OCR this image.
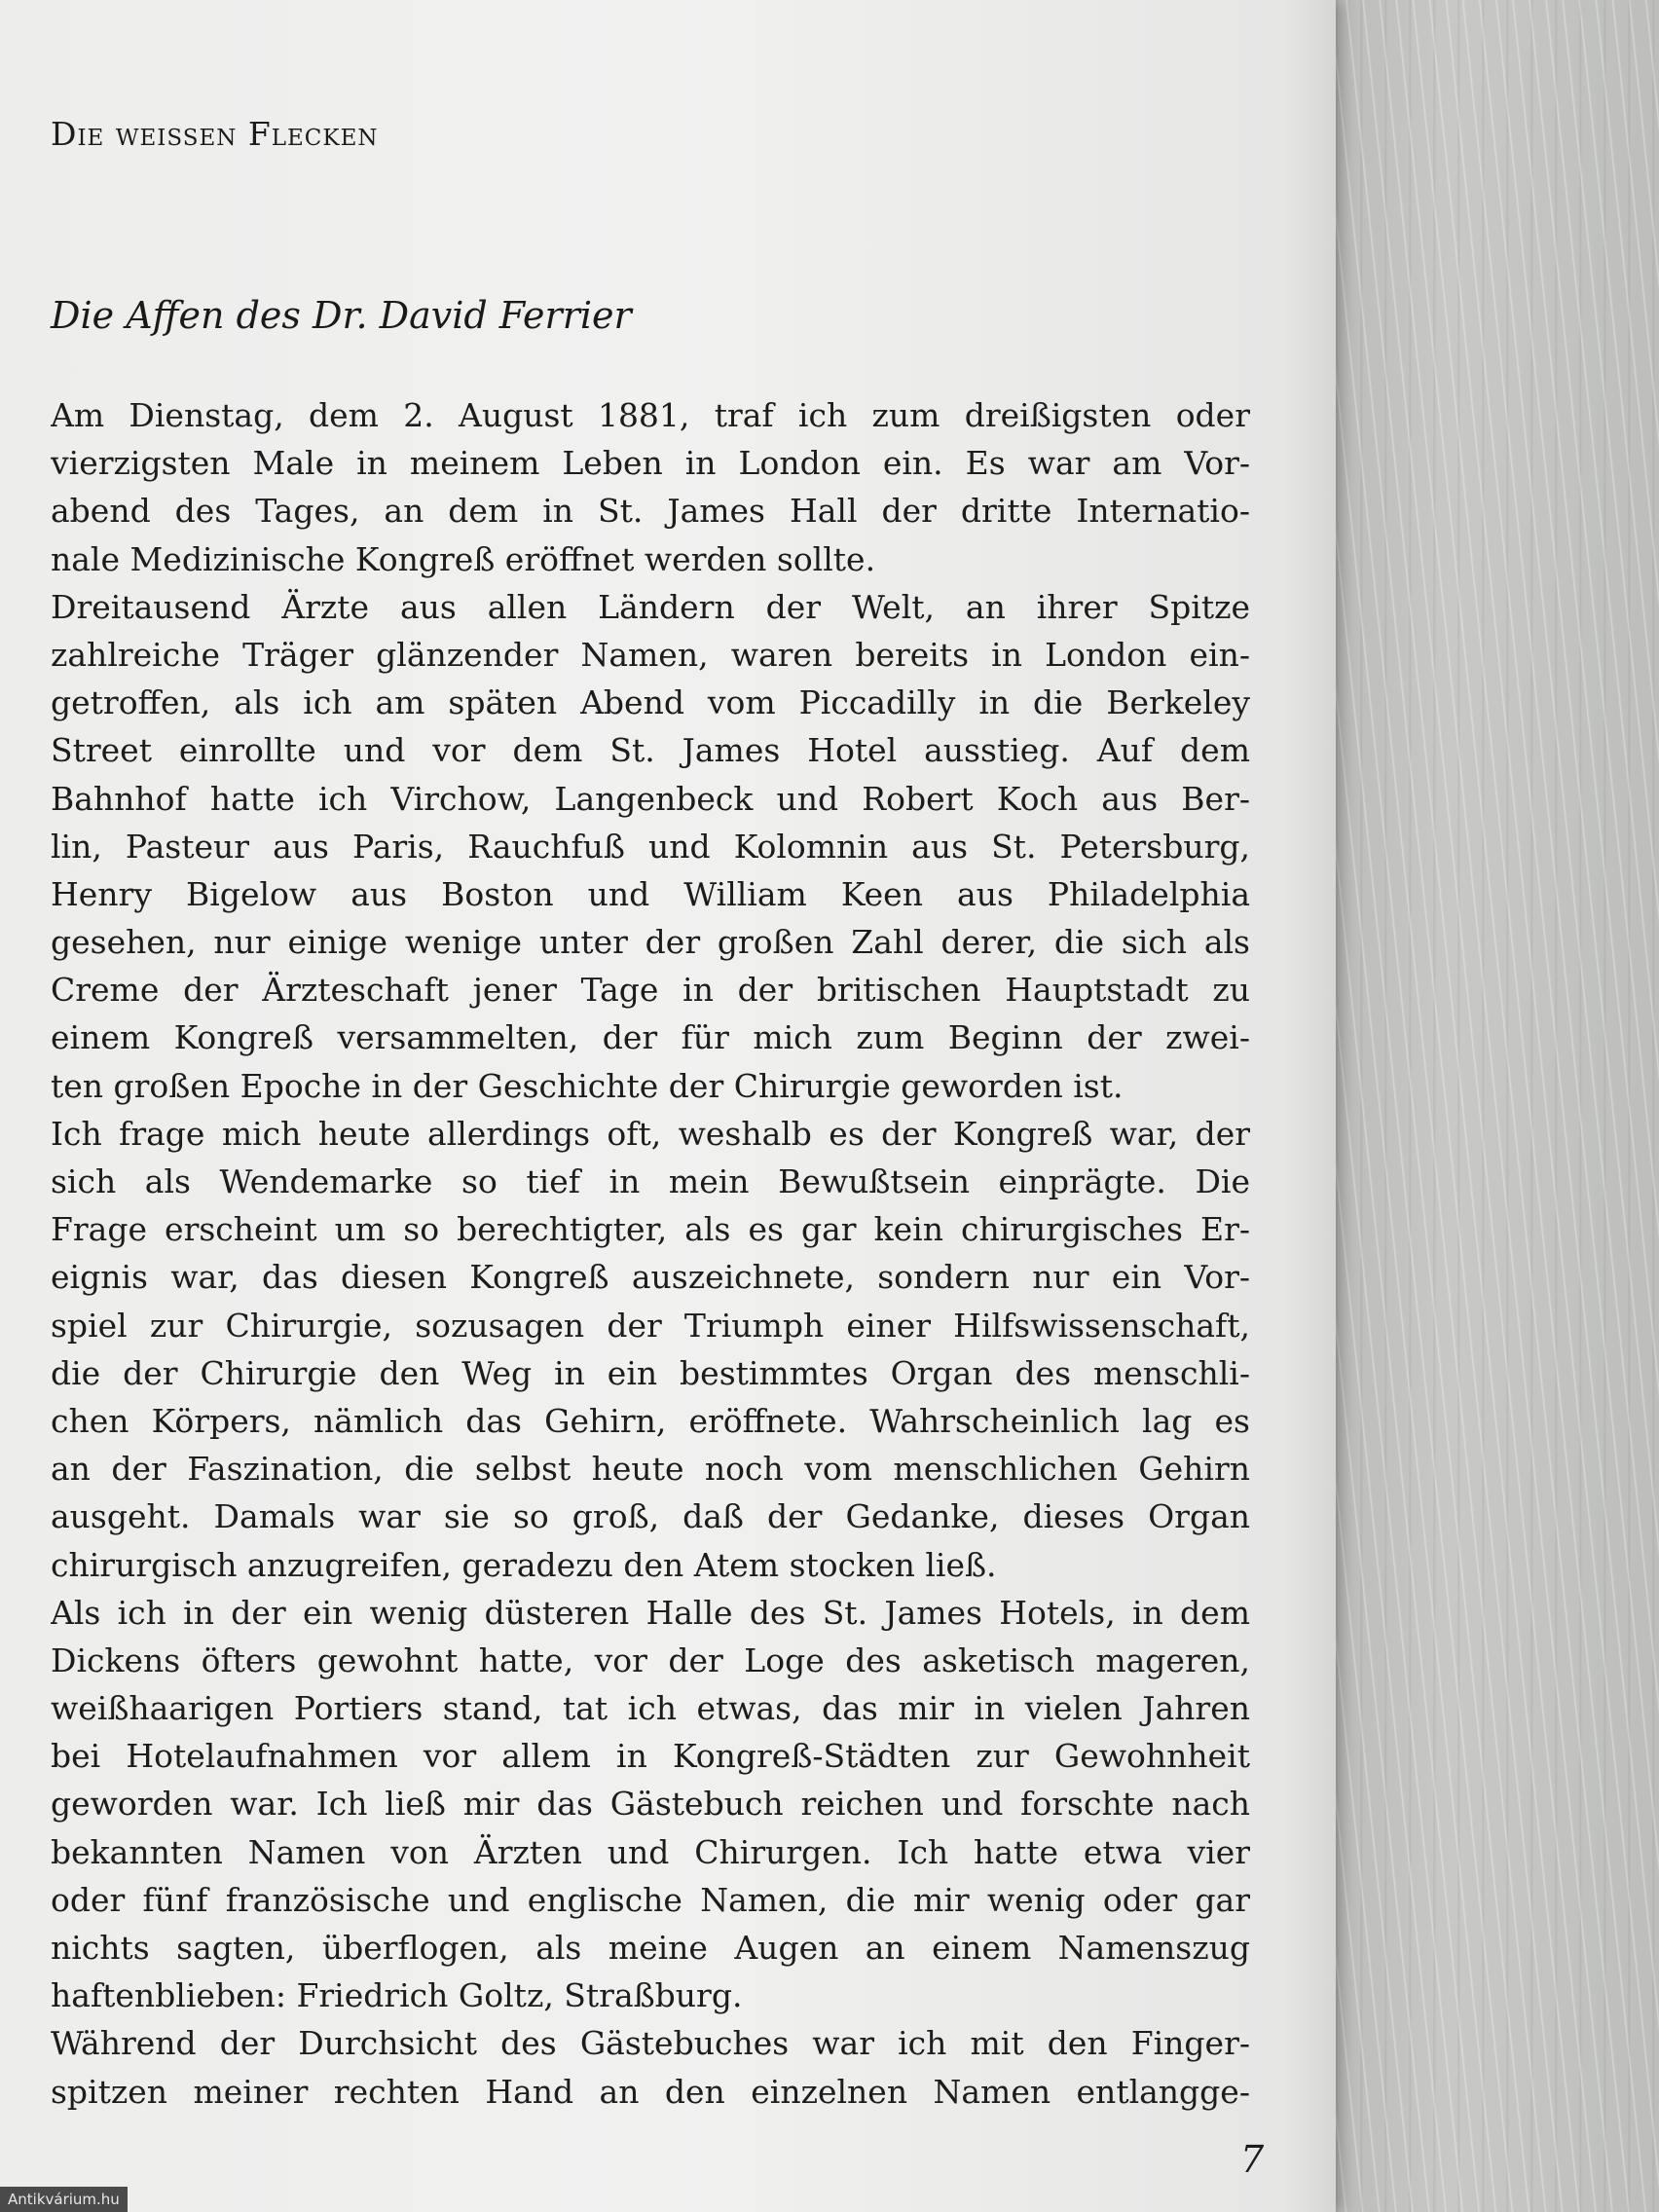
Die weissen Flecken
Die Affen des Dr. David Ferrier
Am Dienstag, dem 2. August 1881, traf ich zum dreißigsten oder
vierzigsten Male in meinem Leben in London ein. Es war am Vor-
abend des Tages, an dem in St. James Hall der dritte Internatio-
nale Medizinische Kongreß eröffnet werden sollte.
Dreitausend Ärzte aus allen Ländern der Welt, an ihrer Spitze
zahlreiche Träger glänzender Namen, waren bereits in London ein-
getroffen, als ich am späten Abend vom Piccadilly in die Berkeley
Street einrollte und vor dem St. James Hotel ausstieg. Auf dem
Bahnhof hatte ich Virchow, Langenbeck und Robert Koch aus Ber-
lin, Pasteur aus Paris, Rauchfuß und Kolomnin aus St. Petersburg,
Henry Bigelow aus Boston und William Keen aus Philadelphia
gesehen, nur einige wenige unter der großen Zahl derer, die sich als
Creme der Ärzteschaft jener Tage in der britischen Hauptstadt zu
einem Kongreß versammelten, der für mich zum Beginn der zwei-
ten großen Epoche in der Geschichte der Chirurgie geworden ist.
Ich frage mich heute allerdings oft, weshalb es der Kongreß war, der
sich als Wendemarke so tief in mein Bewußtsein einprägte. Die
Frage erscheint um so berechtigter, als es gar kein chirurgisches Er-
eignis war, das diesen Kongreß auszeichnete, sondern nur ein Vor-
spiel zur Chirurgie, sozusagen der Triumph einer Hilfswissenschaft,
die der Chirurgie den Weg in ein bestimmtes Organ des menschli-
chen Körpers, nämlich das Gehirn, eröffnete. Wahrscheinlich lag es
an der Faszination, die selbst heute noch vom menschlichen Gehirn
ausgeht. Damals war sie so groß, daß der Gedanke, dieses Organ
chirurgisch anzugreifen, geradezu den Atem stocken ließ.
Als ich in der ein wenig düsteren Halle des St. James Hotels, in dem
Dickens öfters gewohnt hatte, vor der Loge des asketisch mageren,
weißhaarigen Portiers stand, tat ich etwas, das mir in vielen Jahren
bei Hotelaufnahmen vor allem in Kongreß-Städten zur Gewohnheit
geworden war. Ich ließ mir das Gästebuch reichen und forschte nach
bekannten Namen von Ärzten und Chirurgen. Ich hatte etwa vier
oder fünf französische und englische Namen, die mir wenig oder gar
nichts sagten, überflogen, als meine Augen an einem Namenszug
haftenblieben: Friedrich Goltz, Straßburg.
Während der Durchsicht des Gästebuches war ich mit den Finger-
spitzen meiner rechten Hand an den einzelnen Namen entlangge-
7
Antikvárium.hu
